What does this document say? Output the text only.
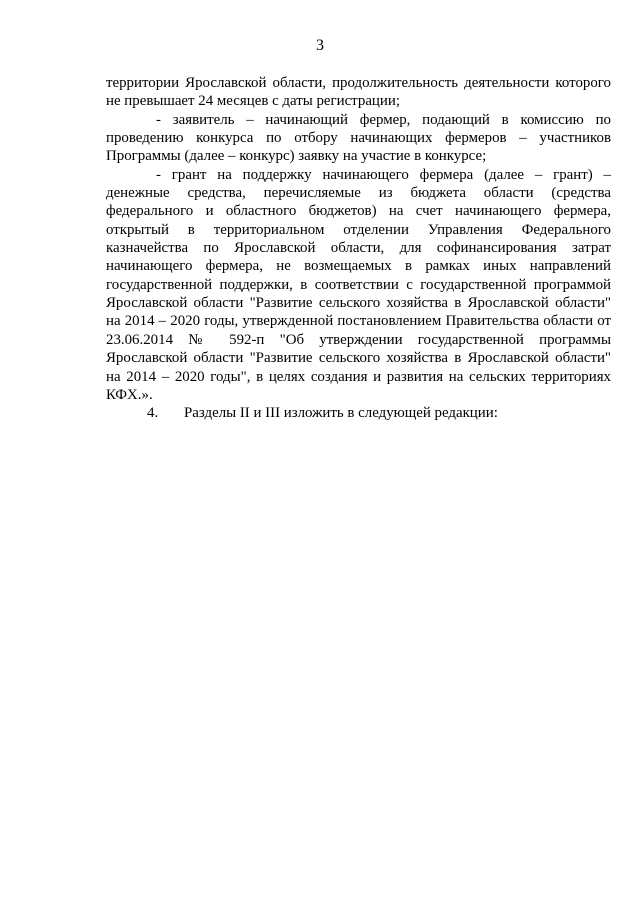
3

территории Ярославской области, продолжительность деятельности которого не превышает 24 месяцев с даты регистрации;

- заявитель – начинающий фермер, подающий в комиссию по проведению конкурса по отбору начинающих фермеров – участников Программы (далее – конкурс) заявку на участие в конкурсе;

- грант на поддержку начинающего фермера (далее – грант) – денежные средства, перечисляемые из бюджета области (средства федерального и областного бюджетов) на счет начинающего фермера, открытый в территориальном отделении Управления Федерального казначейства по Ярославской области, для софинансирования затрат начинающего фермера, не возмещаемых в рамках иных направлений государственной поддержки, в соответствии с государственной программой Ярославской области "Развитие сельского хозяйства в Ярославской области" на 2014 – 2020 годы, утвержденной постановлением Правительства области от 23.06.2014 № 592-п "Об утверждении государственной программы Ярославской области "Развитие сельского хозяйства в Ярославской области" на 2014 – 2020 годы", в целях создания и развития на сельских территориях КФХ.».

4. Разделы II и III изложить в следующей редакции:
